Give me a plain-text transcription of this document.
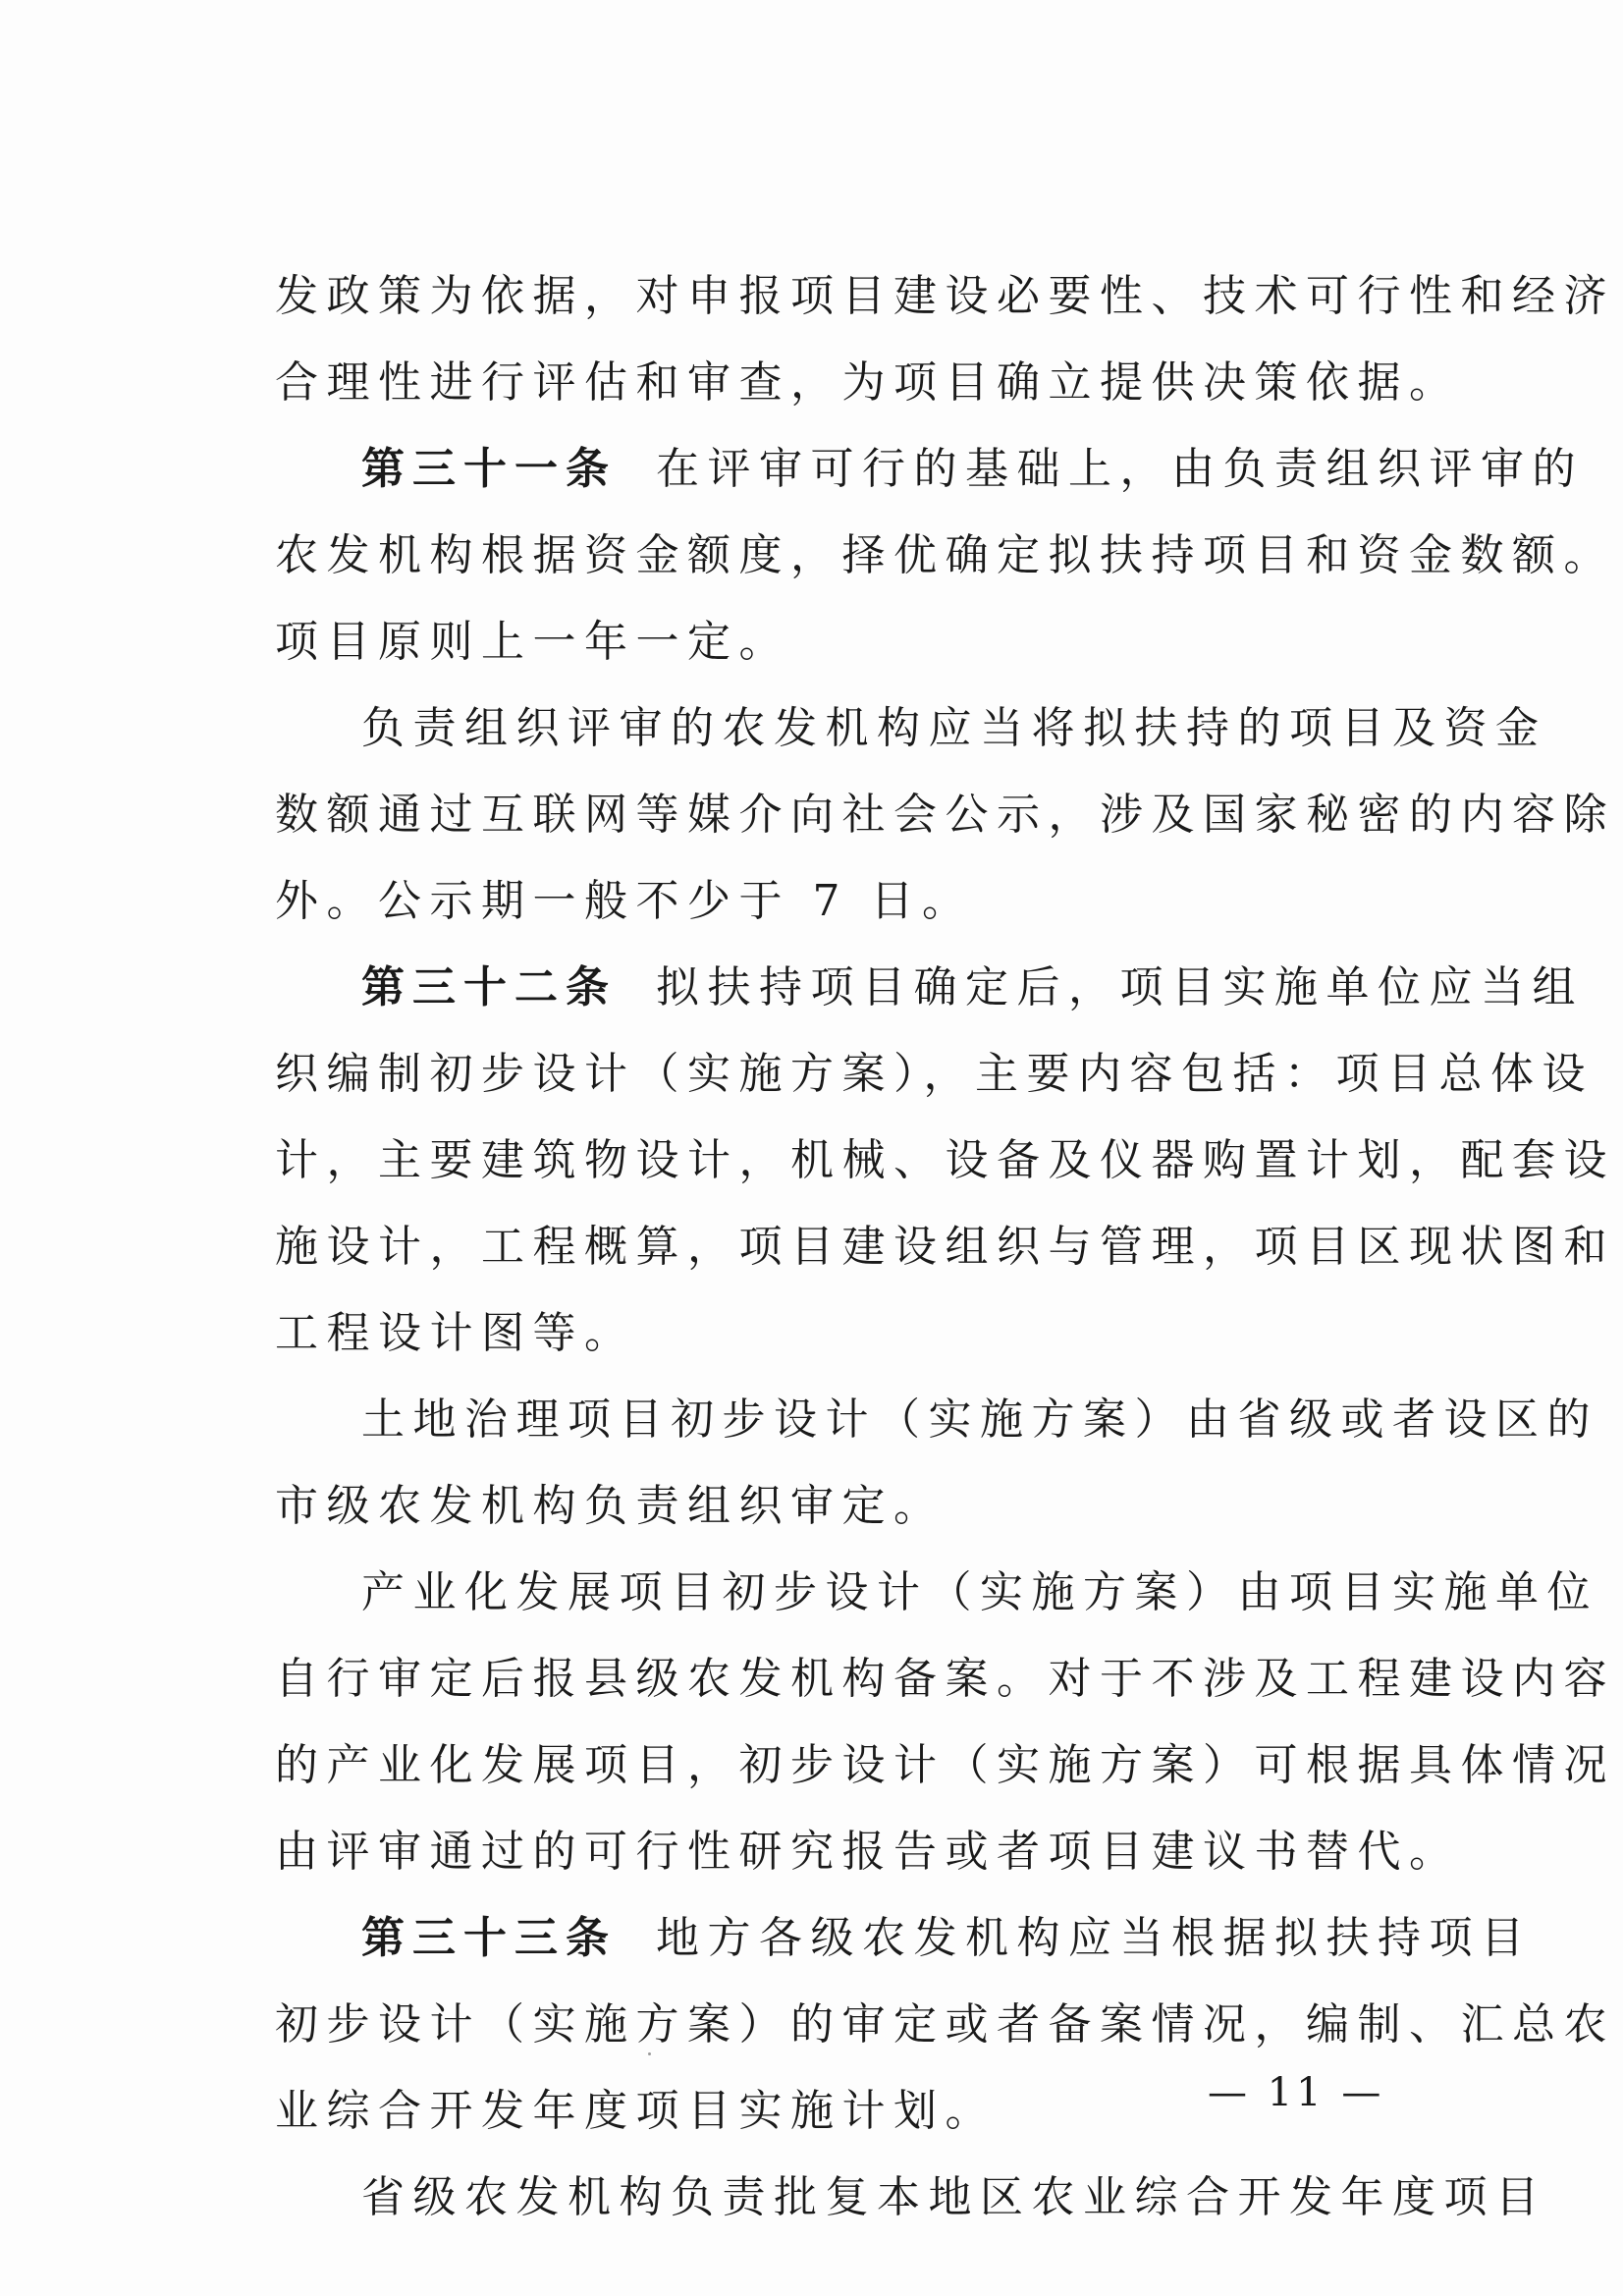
发政策为依据，对申报项目建设必要性、技术可行性和经济
合理性进行评估和审查，为项目确立提供决策依据。
第三十一条 在评审可行的基础上，由负责组织评审的
农发机构根据资金额度，择优确定拟扶持项目和资金数额。
项目原则上一年一定。
负责组织评审的农发机构应当将拟扶持的项目及资金
数额通过互联网等媒介向社会公示，涉及国家秘密的内容除
外。公示期一般不少于 7 日。
第三十二条 拟扶持项目确定后，项目实施单位应当组
织编制初步设计（实施方案），主要内容包括：项目总体设
计，主要建筑物设计，机械、设备及仪器购置计划，配套设
施设计，工程概算，项目建设组织与管理，项目区现状图和
工程设计图等。
土地治理项目初步设计（实施方案）由省级或者设区的
市级农发机构负责组织审定。
产业化发展项目初步设计（实施方案）由项目实施单位
自行审定后报县级农发机构备案。对于不涉及工程建设内容
的产业化发展项目，初步设计（实施方案）可根据具体情况
由评审通过的可行性研究报告或者项目建议书替代。
第三十三条 地方各级农发机构应当根据拟扶持项目
初步设计（实施方案）的审定或者备案情况，编制、汇总农
业综合开发年度项目实施计划。
省级农发机构负责批复本地区农业综合开发年度项目
— 11 —
